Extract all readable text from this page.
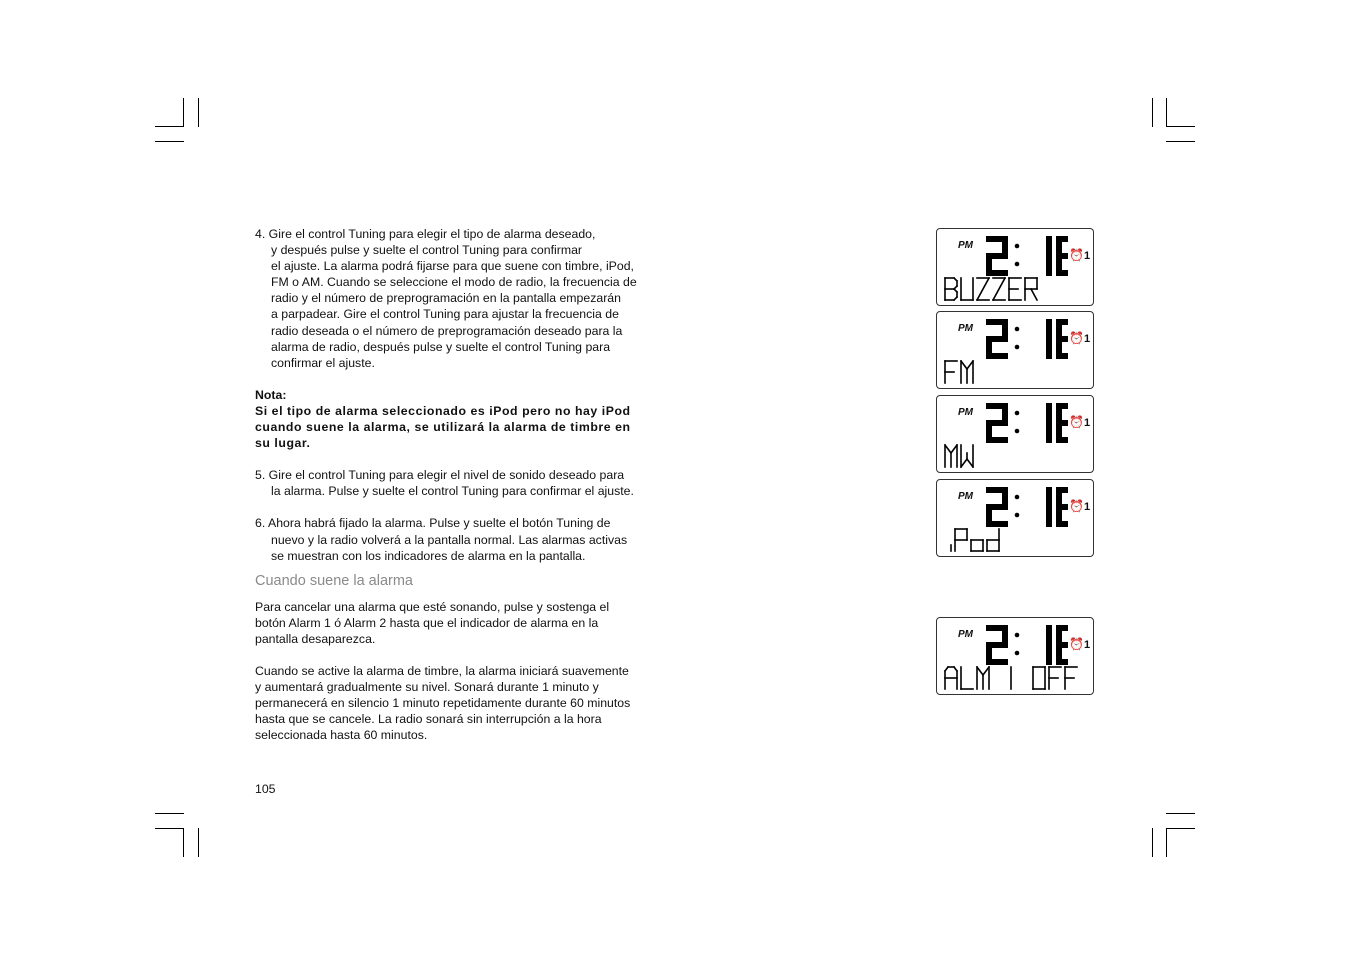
4. Gire el control Tuning para elegir el tipo de alarma deseado,
y después pulse y suelte el control Tuning para confirmar
el ajuste. La alarma podrá fijarse para que suene con timbre, iPod,
FM o AM. Cuando se seleccione el modo de radio, la frecuencia de
radio y el número de preprogramación en la pantalla empezarán
a parpadear. Gire el control Tuning para ajustar la frecuencia de
radio deseada o el número de preprogramación deseado para la
alarma de radio, después pulse y suelte el control Tuning para
confirmar el ajuste.
Nota:
Si el tipo de alarma seleccionado es iPod pero no hay iPod
cuando suene la alarma, se utilizará la alarma de timbre en
su lugar.
5. Gire el control Tuning para elegir el nivel de sonido deseado para
la alarma. Pulse y suelte el control Tuning para confirmar el ajuste.
6. Ahora habrá fijado la alarma. Pulse y suelte el botón Tuning de
nuevo y la radio volverá a la pantalla normal. Las alarmas activas
se muestran con los indicadores de alarma en la pantalla.
Cuando suene la alarma
Para cancelar una alarma que esté sonando, pulse y sostenga el
botón Alarm 1 ó Alarm 2 hasta que el indicador de alarma en la
pantalla desaparezca.
Cuando se active la alarma de timbre, la alarma iniciará suavemente
y aumentará gradualmente su nivel. Sonará durante 1 minuto y
permanecerá en silencio 1 minuto repetidamente durante 60 minutos
hasta que se cancele. La radio sonará sin interrupción a la hora
seleccionada hasta 60 minutos.
105
PM
⏰1
PM
⏰1
PM
⏰1
PM
⏰1
PM
⏰1
